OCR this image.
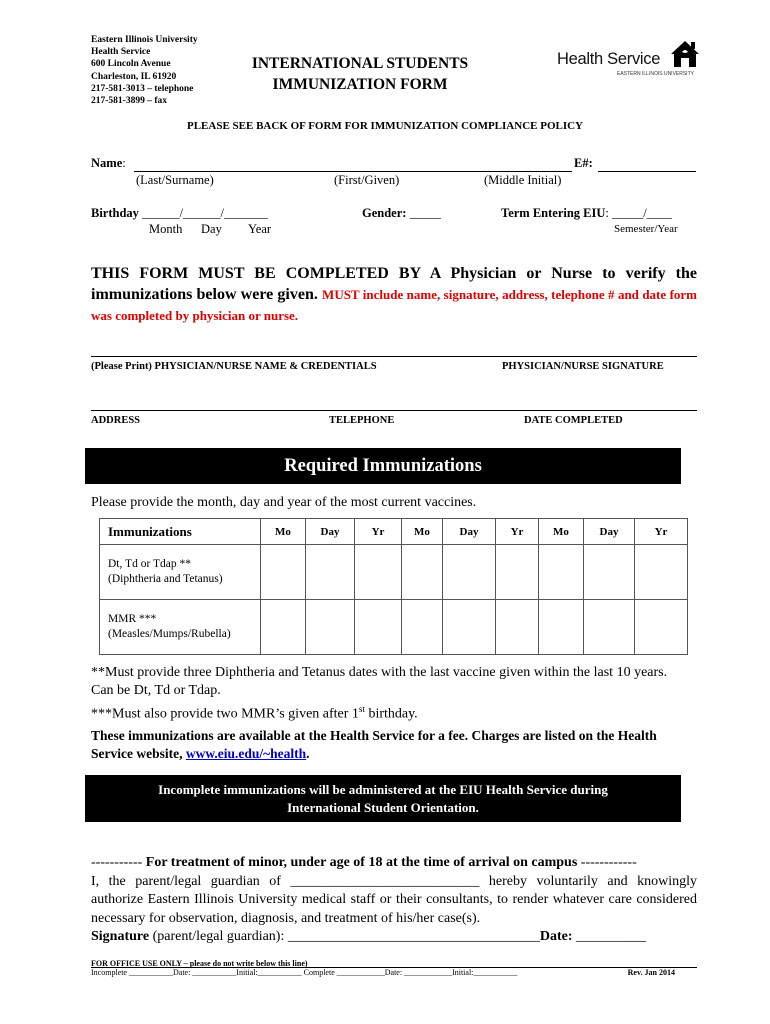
Eastern Illinois University
Health Service
600 Lincoln Avenue
Charleston, IL 61920
217-581-3013 – telephone
217-581-3899 – fax
INTERNATIONAL STUDENTS
IMMUNIZATION FORM
Health Service
EASTERN ILLINOIS UNIVERSITY
PLEASE SEE BACK OF FORM FOR IMMUNIZATION COMPLIANCE POLICY
Name:	E#:
(Last/Surname)	(First/Given)	(Middle Initial)
Birthday ______/______/_______
Month Day Year
Gender: _____	Term Entering EIU: _____/____
Semester/Year
THIS FORM MUST BE COMPLETED BY A Physician or Nurse to verify the immunizations below were given. MUST include name, signature, address, telephone # and date form was completed by physician or nurse.
(Please Print) PHYSICIAN/NURSE NAME & CREDENTIALS	PHYSICIAN/NURSE SIGNATURE
ADDRESS	TELEPHONE	DATE COMPLETED
Required Immunizations
Please provide the month, day and year of the most current vaccines.
Immunizations	Mo	Day	Yr	Mo	Day	Yr	Mo	Day	Yr

Dt, Td or Tdap **
(Diphtheria and Tetanus)									

MMR ***
(Measles/Mumps/Rubella)									

**Must provide three Diphtheria and Tetanus dates with the last vaccine given within the last 10 years. Can be Dt, Td or Tdap.
***Must also provide two MMR’s given after 1st birthday.
These immunizations are available at the Health Service for a fee. Charges are listed on the Health Service website, www.eiu.edu/~health.
Incomplete immunizations will be administered at the EIU Health Service during
International Student Orientation.
----------- For treatment of minor, under age of 18 at the time of arrival on campus ------------
I, the parent/legal guardian of ___________________________ hereby voluntarily and knowingly authorize Eastern Illinois University medical staff or their consultants, to render whatever care considered necessary for observation, diagnosis, and treatment of his/her case(s).
Signature (parent/legal guardian): ____________________________________Date: __________
FOR OFFICE USE ONLY – please do not write below this line)
Incomplete ___________Date: ___________Initial:___________ Complete ____________Date: ____________Initial:___________	Rev. Jan 2014
